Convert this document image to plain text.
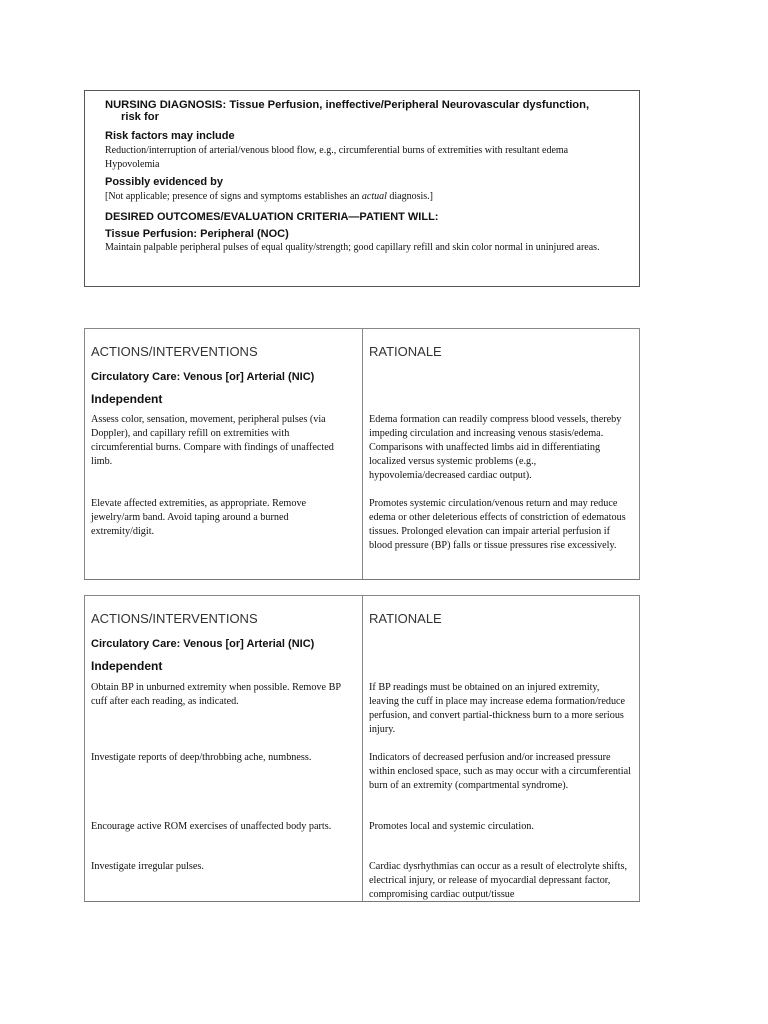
NURSING DIAGNOSIS: Tissue Perfusion, ineffective/Peripheral Neurovascular dysfunction,
risk for
Risk factors may include
Reduction/interruption of arterial/venous blood flow, e.g., circumferential burns of extremities with resultant edema
Hypovolemia
Possibly evidenced by
[Not applicable; presence of signs and symptoms establishes an actual diagnosis.]
DESIRED OUTCOMES/EVALUATION CRITERIA—PATIENT WILL:
Tissue Perfusion: Peripheral (NOC)
Maintain palpable peripheral pulses of equal quality/strength; good capillary refill and skin color normal in uninjured areas.
ACTIONS/INTERVENTIONS
Circulatory Care: Venous [or] Arterial (NIC)
Independent
Assess color, sensation, movement, peripheral pulses (via Doppler), and capillary refill on extremities with circumferential burns. Compare with findings of unaffected limb.
Elevate affected extremities, as appropriate. Remove jewelry/arm band. Avoid taping around a burned extremity/digit.
RATIONALE
Edema formation can readily compress blood vessels, thereby impeding circulation and increasing venous stasis/edema. Comparisons with unaffected limbs aid in differentiating localized versus systemic problems (e.g., hypovolemia/decreased cardiac output).
Promotes systemic circulation/venous return and may reduce edema or other deleterious effects of constriction of edematous tissues. Prolonged elevation can impair arterial perfusion if blood pressure (BP) falls or tissue pressures rise excessively.
ACTIONS/INTERVENTIONS
Circulatory Care: Venous [or] Arterial (NIC)
Independent
Obtain BP in unburned extremity when possible. Remove BP cuff after each reading, as indicated.
Investigate reports of deep/throbbing ache, numbness.
Encourage active ROM exercises of unaffected body parts.
Investigate irregular pulses.
RATIONALE
If BP readings must be obtained on an injured extremity, leaving the cuff in place may increase edema formation/reduce perfusion, and convert partial-thickness burn to a more serious injury.
Indicators of decreased perfusion and/or increased pressure within enclosed space, such as may occur with a circumferential burn of an extremity (compartmental syndrome).
Promotes local and systemic circulation.
Cardiac dysrhythmias can occur as a result of electrolyte shifts, electrical injury, or release of myocardial depressant factor, compromising cardiac output/tissue
